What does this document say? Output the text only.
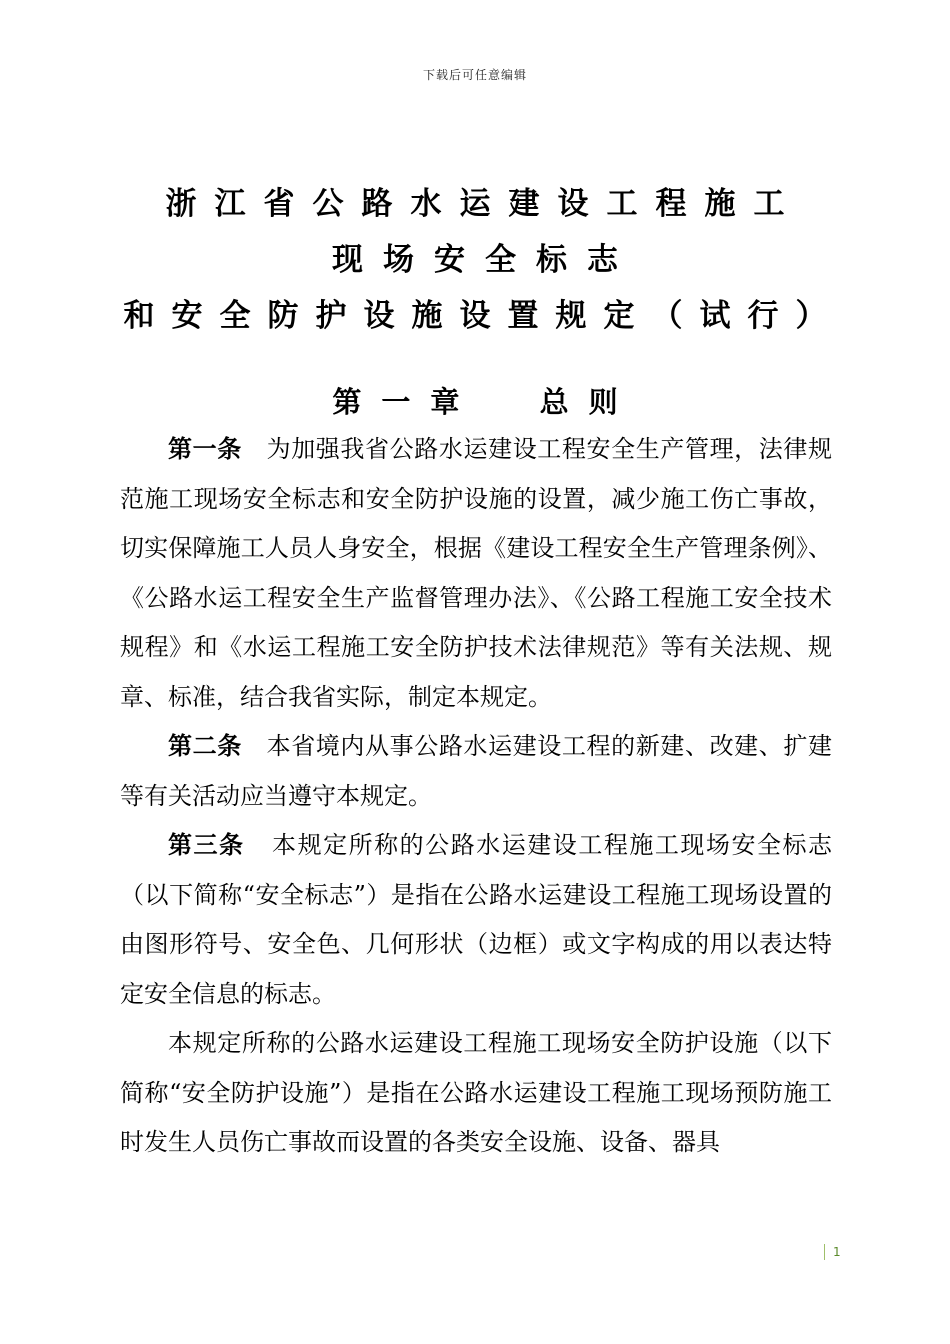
下载后可任意编辑
浙江省公路水运建设工程施工
现场安全标志
和安全防护设施设置规定（试行）
第一章  总则

第一条 为加强我省公路水运建设工程安全生产管理，法律规范施工现场安全标志和安全防护设施的设置，减少施工伤亡事故，切实保障施工人员人身安全，根据《建设工程安全生产管理条例》、《公路水运工程安全生产监督管理办法》、《公路工程施工安全技术规程》和《水运工程施工安全防护技术法律规范》等有关法规、规章、标准，结合我省实际，制定本规定。

第二条 本省境内从事公路水运建设工程的新建、改建、扩建等有关活动应当遵守本规定。

第三条 本规定所称的公路水运建设工程施工现场安全标志（以下简称“安全标志”）是指在公路水运建设工程施工现场设置的由图形符号、安全色、几何形状（边框）或文字构成的用以表达特定安全信息的标志。

本规定所称的公路水运建设工程施工现场安全防护设施（以下简称“安全防护设施”）是指在公路水运建设工程施工现场预防施工时发生人员伤亡事故而设置的各类安全设施、设备、器具

1
